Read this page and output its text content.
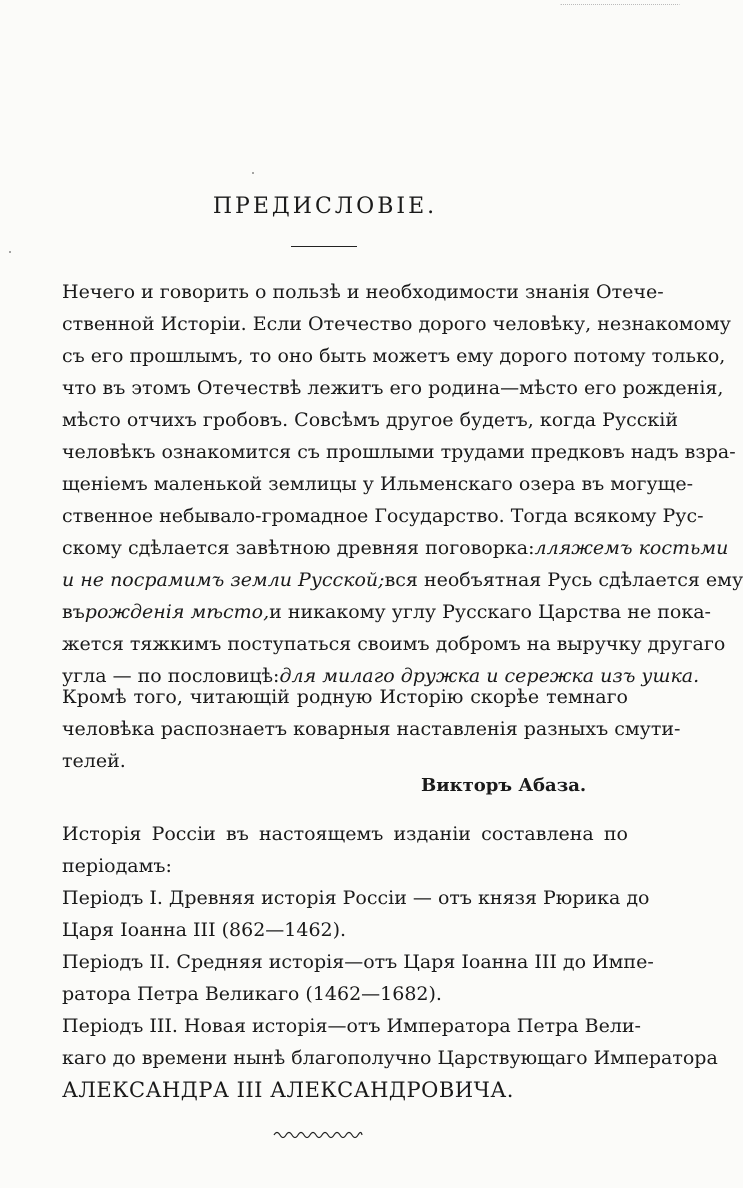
ПРЕДИСЛОВІЕ.
Нечего и говорить о пользѣ и необходимости знанія Отече-
ственной Исторіи. Если Отечество дорого человѣку, незнакомому
съ его прошлымъ, то оно быть можетъ ему дорого потому только,
что въ этомъ Отечествѣ лежитъ его родина—мѣсто его рожденія,
мѣсто отчихъ гробовъ. Совсѣмъ другое будетъ, когда Русскій
человѣкъ ознакомится съ прошлыми трудами предковъ надъ взра-
щеніемъ маленькой землицы у Ильменскаго озера въ могуще-
ственное небывало-громадное Государство. Тогда всякому Рус-
скому сдѣлается завѣтною древняя поговорка: лляжемъ костьми
и не посрамимъ земли Русской; вся необъятная Русь сдѣлается ему
върожденія мѣсто, и никакому углу Русскаго Царства не пока-
жется тяжкимъ поступаться своимъ добромъ на выручку другаго
угла — по пословицѣ: для милаго дружка и сережка изъ ушка.
Кромѣ того, читающій родную Исторію скорѣе темнаго
человѣка распознаетъ коварныя наставленія разныхъ смути-
телей.
Викторъ Абаза.
Исторія Россіи въ настоящемъ изданіи составлена по
періодамъ:
Періодъ I. Древняя исторія Россіи — отъ князя Рюрика до
Царя Іоанна III (862—1462).
Періодъ II. Средняя исторія—отъ Царя Іоанна III до Импе-
ратора Петра Великаго (1462—1682).
Періодъ III. Новая исторія—отъ Императора Петра Вели-
каго до времени нынѣ благополучно Царствующаго Императора
АЛЕКСАНДРА III АЛЕКСАНДРОВИЧА.
